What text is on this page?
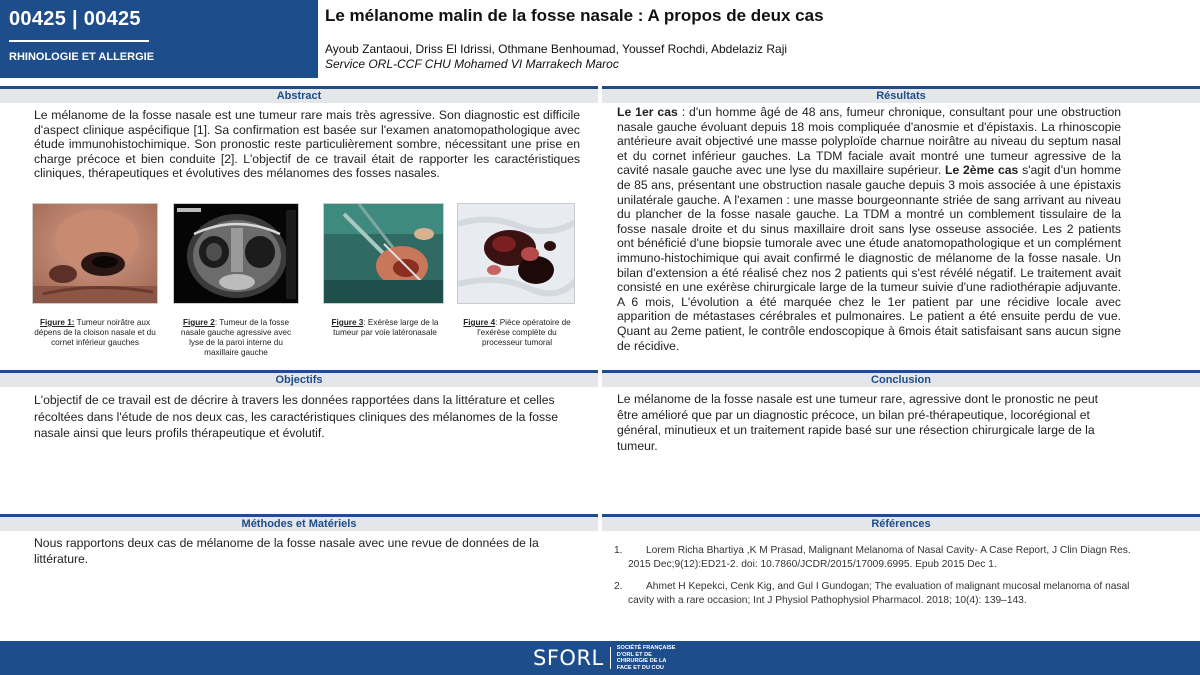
00425 | 00425
RHINOLOGIE ET ALLERGIE
Le mélanome malin de la fosse nasale : A propos de deux cas
Ayoub Zantaoui, Driss El Idrissi, Othmane Benhoumad, Youssef Rochdi, Abdelaziz Raji
Service ORL-CCF CHU Mohamed VI Marrakech Maroc
Abstract
Le mélanome de la fosse nasale est une tumeur rare mais très agressive. Son diagnostic est difficile d'aspect clinique aspécifique [1]. Sa confirmation est basée sur l'examen anatomopathologique avec étude immunohistochimique. Son pronostic reste particulièrement sombre, nécessitant une prise en charge précoce et bien conduite [2]. L'objectif de ce travail était de rapporter les caractéristiques cliniques, thérapeutiques et évolutives des mélanomes des fosses nasales.
Figure 1: Tumeur noirâtre aux dépens de la cloison nasale et du cornet inférieur gauches
Figure 2: Tumeur de la fosse nasale gauche agressive avec lyse de la paroi interne du maxillaire gauche
Figure 3: Exérèse large de la tumeur par voie latéronasale
Figure 4: Pièce opératoire de l'exérèse complète du processeur tumoral
Objectifs
L'objectif de ce travail est de décrire à travers les données rapportées dans la littérature et celles récoltées dans l'étude de nos deux cas, les caractéristiques cliniques des mélanomes de la fosse nasale ainsi que leurs profils thérapeutique et évolutif.
Méthodes et Matériels
Nous rapportons deux cas de mélanome de la fosse nasale avec une revue de données de la littérature.
Résultats
Le 1er cas : d'un homme âgé de 48 ans, fumeur chronique, consultant pour une obstruction nasale gauche évoluant depuis 18 mois compliquée d'anosmie et d'épistaxis. La rhinoscopie antérieure avait objectivé une masse polyploïde charnue noirâtre au niveau du septum nasal et du cornet inférieur gauches. La TDM faciale avait montré une tumeur agressive de la cavité nasale gauche avec une lyse du maxillaire supérieur. Le 2ème cas s'agit d'un homme de 85 ans, présentant une obstruction nasale gauche depuis 3 mois associée à une épistaxis unilatérale gauche. A l'examen : une masse bourgeonnante striée de sang arrivant au niveau du plancher de la fosse nasale gauche. La TDM a montré un comblement tissulaire de la fosse nasale droite et du sinus maxillaire droit sans lyse osseuse associée. Les 2 patients ont bénéficié d'une biopsie tumorale avec une étude anatomopathologique et un complément immuno-histochimique qui avait confirmé le diagnostic de mélanome de la fosse nasale. Un bilan d'extension a été réalisé chez nos 2 patients qui s'est révélé négatif. Le traitement avait consisté en une exérèse chirurgicale large de la tumeur suivie d'une radiothérapie adjuvante. A 6 mois, L'évolution a été marquée chez le 1er patient par une récidive locale avec apparition de métastases cérébrales et pulmonaires. Le patient a été ensuite perdu de vue. Quant au 2eme patient, le contrôle endoscopique à 6mois était satisfaisant sans aucun signe de récidive.
Conclusion
Le mélanome de la fosse nasale est une tumeur rare, agressive dont le pronostic ne peut être amélioré que par un diagnostic précoce, un bilan pré-thérapeutique, locorégional et général, minutieux et un traitement rapide basé sur une résection chirurgicale large de la tumeur.
Références
1. Lorem Richa Bhartiya ,K M Prasad, Malignant Melanoma of Nasal Cavity- A Case Report, J Clin Diagn Res. 2015 Dec;9(12):ED21-2. doi: 10.7860/JCDR/2015/17009.6995. Epub 2015 Dec 1.
2. Ahmet H Kepekci, Cenk Kig, and Gul I Gundogan; The evaluation of malignant mucosal melanoma of nasal cavity with a rare occasion; Int J Physiol Pathophysiol Pharmacol. 2018; 10(4): 139–143.
SFORL SOCIÉTÉ FRANÇAISE D'ORL ET DE CHIRURGIE DE LA FACE ET DU COU
